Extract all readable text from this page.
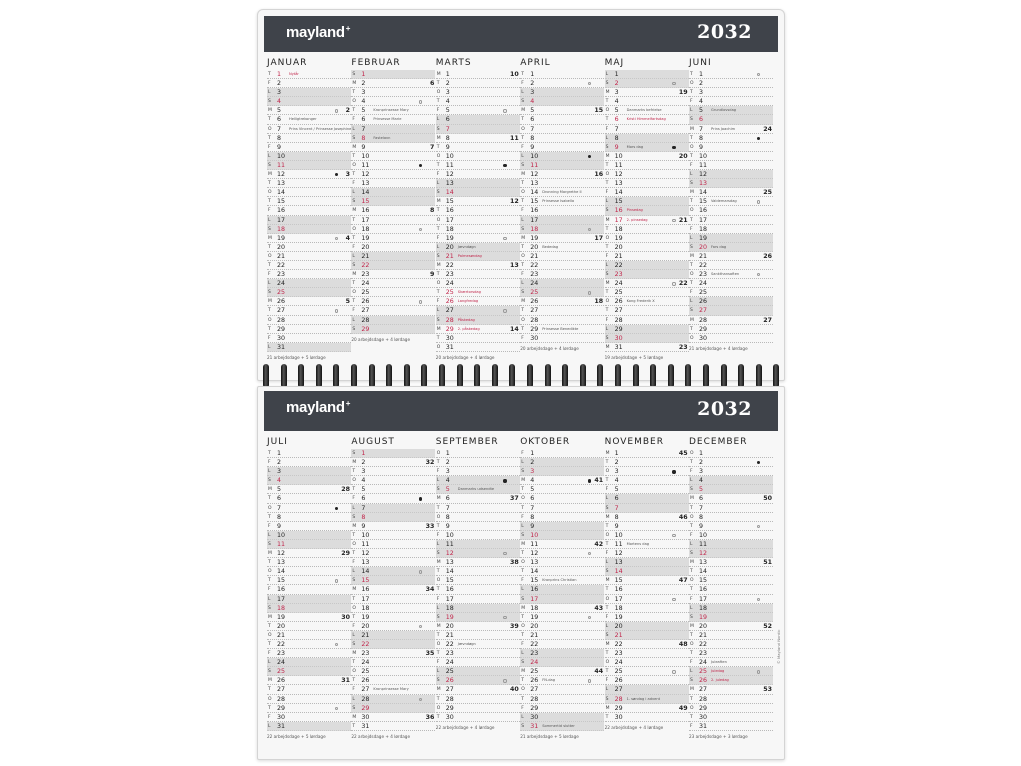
mayland+	2032
JANUAR
T 1 Nytår
F 2
L 3
S 4
M 5	2
T 6 Helligtrekonger
O 7 Prins Vincent / Prinsesse Josephine
T 8
F 9
L 10
S 11
M 12	3
T 13
O 14
T 15
F 16
L 17
S 18
M 19	4
T 20
O 21
T 22
F 23
L 24
S 25
M 26	5
T 27
O 28
T 29
F 30
L 31
21 arbejdsdage + 5 lørdage
FEBRUAR
S 1
M 2	6
T 3
O 4
T 5 Kronprinsesse Mary
F 6 Prinsesse Marie
L 7
S 8 Fastelavn
M 9	7
T 10
O 11
T 12
F 13
L 14
S 15
M 16	8
T 17
O 18
T 19
F 20
L 21
S 22
M 23	9
T 24
O 25
T 26
F 27
L 28
S 29
20 arbejdsdage + 4 lørdage
MARTS
M 1	10
T 2
O 3
T 4
F 5
L 6
S 7
M 8	11
T 9
O 10
T 11
F 12
L 13
S 14
M 15	12
T 16
O 17
T 18
F 19
L 20 Jævndøgn
S 21 Palmesøndag
M 22	13
T 23
O 24
T 25 Skærtorsdag
F 26 Langfredag
L 27
S 28 Påskedag
M 29 2. påskedag	14
T 30
O 31
20 arbejdsdage + 4 lørdage
APRIL
T 1
F 2
L 3
S 4
M 5	15
T 6
O 7
T 8
F 9
L 10
S 11
M 12	16
T 13
O 14 Dronning Margrethe II
T 15 Prinsesse Isabella
F 16
L 17
S 18
M 19	17
T 20 Bededag
O 21
T 22
F 23
L 24
S 25
M 26	18
T 27
O 28
T 29 Prinsesse Benedikte
F 30
20 arbejdsdage + 4 lørdage
MAJ
L 1
S 2
M 3	19
T 4
O 5 Danmarks befrielse
T 6 Kristi Himmelfartsdag
F 7
L 8
S 9 Mors dag
M 10	20
T 11
O 12
T 13
F 14
L 15
S 16 Pinsedag
M 17 2. pinsedag	21
T 18
O 19
T 20
F 21
L 22
S 23
M 24	22
T 25
O 26 Kong Frederik X
T 27
F 28
L 29
S 30
M 31	23
19 arbejdsdage + 5 lørdage
JUNI
T 1
O 2
T 3
F 4
L 5 Grundlovsdag
S 6
M 7 Prins Joachim	24
T 8
O 9
T 10
F 11
L 12
S 13
M 14	25
T 15 Valdemarsdag
O 16
T 17
F 18
L 19
S 20 Fars dag
M 21	26
T 22
O 23 Sankthansaften
T 24
F 25
L 26
S 27
M 28	27
T 29
O 30
21 arbejdsdage + 4 lørdage
mayland+	2032
JULI
T 1
F 2
L 3
S 4
M 5	28
T 6
O 7
T 8
F 9
L 10
S 11
M 12	29
T 13
O 14
T 15
F 16
L 17
S 18
M 19	30
T 20
O 21
T 22
F 23
L 24
S 25
M 26	31
T 27
O 28
T 29
F 30
L 31
22 arbejdsdage + 5 lørdage
AUGUST
S 1
M 2	32
T 3
O 4
T 5
F 6
L 7
S 8
M 9	33
T 10
O 11
T 12
F 13
L 14
S 15
M 16	34
T 17
O 18
T 19
F 20
L 21
S 22
M 23	35
T 24
O 25
T 26
F 27 Kronprinsesse Mary
L 28
S 29
M 30	36
T 31
22 arbejdsdage + 4 lørdage
SEPTEMBER
O 1
T 2
F 3
L 4
S 5 Danmarks udsendte
M 6	37
T 7
O 8
T 9
F 10
L 11
S 12
M 13	38
T 14
O 15
T 16
F 17
L 18
S 19
M 20	39
T 21
O 22 Jævndøgn
T 23
F 24
L 25
S 26
M 27	40
T 28
O 29
T 30
22 arbejdsdage + 4 lørdage
OKTOBER
F 1
L 2
S 3
M 4	41
T 5
O 6
T 7
F 8
L 9
S 10
M 11	42
T 12
O 13
T 14
F 15 Kronprins Christian
L 16
S 17
M 18	43
T 19
O 20
T 21
F 22
L 23
S 24
M 25	44
T 26 FN-dag
O 27
T 28
F 29
L 30
S 31 Sommertid slutter
21 arbejdsdage + 5 lørdage
NOVEMBER
M 1	45
T 2
O 3
T 4
F 5
L 6
S 7
M 8	46
T 9
O 10
T 11 Mortens dag
F 12
L 13
S 14
M 15	47
T 16
O 17
T 18
F 19
L 20
S 21
M 22	48
T 23
O 24
T 25
F 26
L 27
S 28 1. søndag i advent
M 29	49
T 30
22 arbejdsdage + 4 lørdage
DECEMBER
O 1
T 2
F 3
L 4
S 5
M 6	50
T 7
O 8
T 9
F 10
L 11
S 12
M 13	51
T 14
O 15
T 16
F 17
L 18
S 19
M 20	52
T 21
O 22
T 23
F 24 Juleaften
L 25 Juledag
S 26 2. juledag
M 27	53
T 28
O 29
T 30
F 31
23 arbejdsdage + 3 lørdage
© Mayland Nordic
